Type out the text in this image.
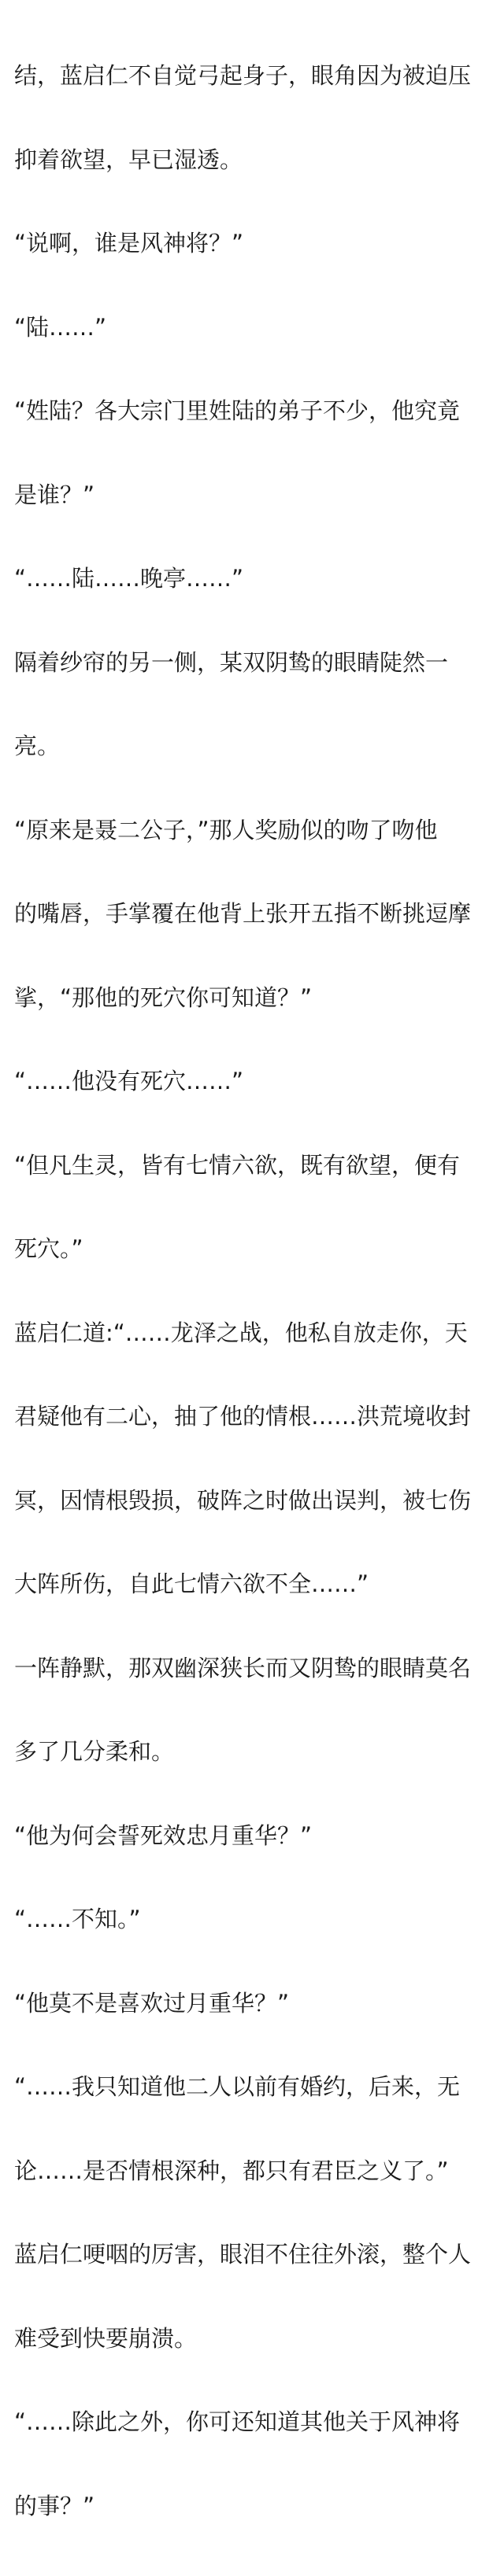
结，蓝启仁不自觉弓起身子，眼角因为被迫压

抑着欲望，早已湿透。

“说啊，谁是风神将？”

“陆……”

“姓陆？各大宗门里姓陆的弟子不少，他究竟

是谁？”

“……陆……晚亭……”

隔着纱帘的另一侧，某双阴鸷的眼睛陡然一

亮。

“原来是聂二公子，”那人奖励似的吻了吻他

的嘴唇，手掌覆在他背上张开五指不断挑逗摩

挲，“那他的死穴你可知道？”

“……他没有死穴……”

“但凡生灵，皆有七情六欲，既有欲望，便有

死穴。”

蓝启仁道:“……龙泽之战，他私自放走你，天

君疑他有二心，抽了他的情根……洪荒境收封

冥，因情根毁损，破阵之时做出误判，被七伤

大阵所伤，自此七情六欲不全……”

一阵静默，那双幽深狭长而又阴鸷的眼睛莫名

多了几分柔和。

“他为何会誓死效忠月重华？”

“……不知。”

“他莫不是喜欢过月重华？”

“……我只知道他二人以前有婚约，后来，无

论……是否情根深种，都只有君臣之义了。”

蓝启仁哽咽的厉害，眼泪不住往外滚，整个人

难受到快要崩溃。

“……除此之外，你可还知道其他关于风神将

的事？”
